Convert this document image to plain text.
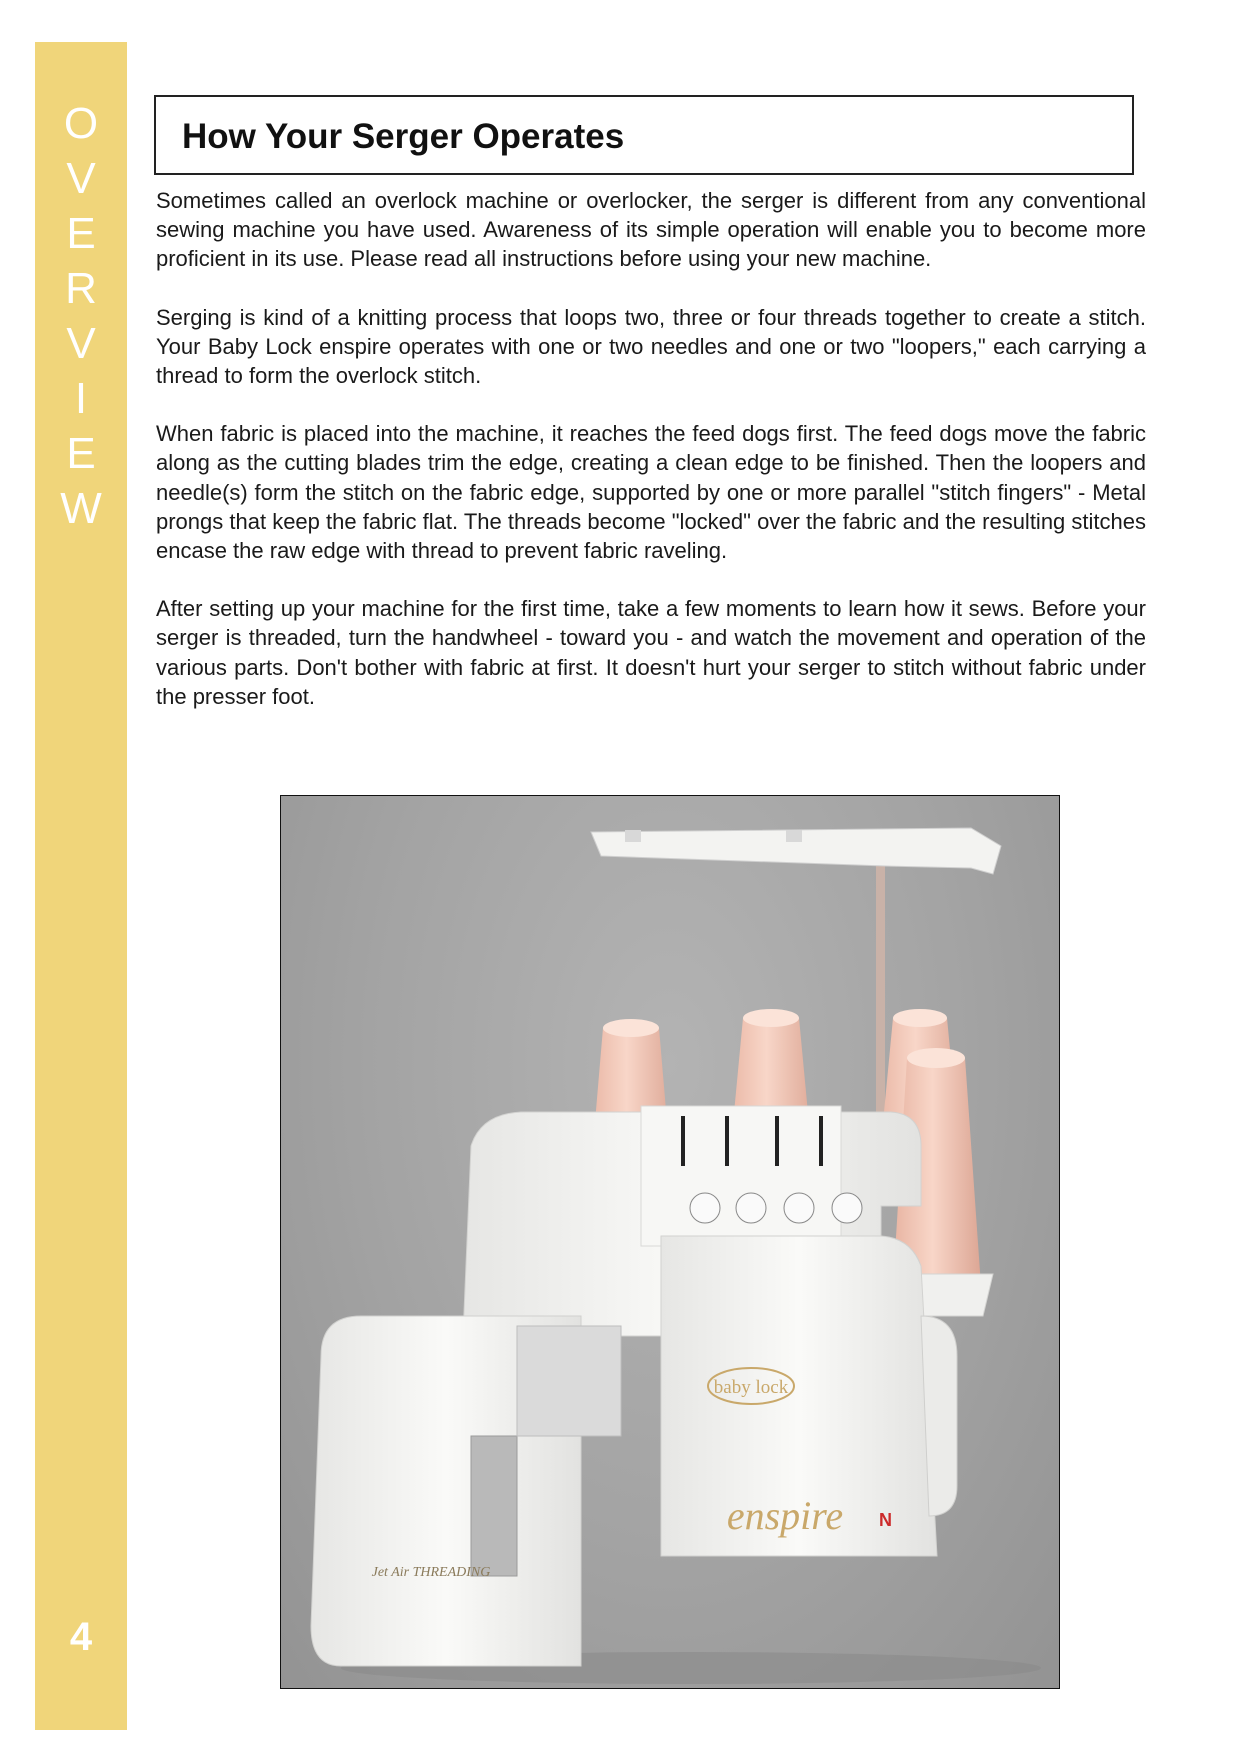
O
V
E
R
V
I
E
W
4
How Your Serger Operates

Sometimes called an overlock machine or overlocker, the serger is different from any conventional sewing machine you have used. Awareness of its simple operation will enable you to become more proficient in its use. Please read all instructions before using your new machine.

Serging is kind of a knitting process that loops two, three or four threads together to create a stitch. Your Baby Lock enspire operates with one or two needles and one or two "loopers," each carrying a thread to form the overlock stitch.

When fabric is placed into the machine, it reaches the feed dogs first. The feed dogs move the fabric along as the cutting blades trim the edge, creating a clean edge to be finished. Then the loopers and needle(s) form the stitch on the fabric edge, supported by one or more parallel "stitch fingers" - Metal prongs that keep the fabric flat. The threads become "locked" over the fabric and the resulting stitches encase the raw edge with thread to prevent fabric raveling.

After setting up your machine for the first time, take a few moments to learn how it sews. Before your serger is threaded, turn the handwheel - toward you - and watch the movement and operation of the various parts. Don't bother with fabric at first. It doesn't hurt your serger to stitch without fabric under the presser foot.

baby lock
enspire N
Jet Air THREADING
